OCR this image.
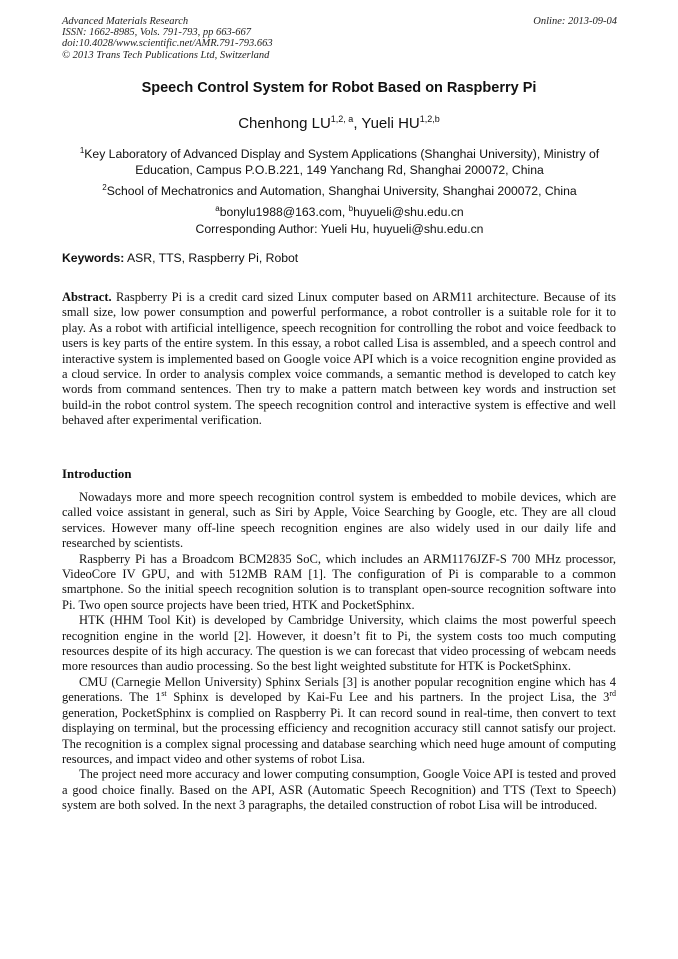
Advanced Materials Research
ISSN: 1662-8985, Vols. 791-793, pp 663-667
doi:10.4028/www.scientific.net/AMR.791-793.663
© 2013 Trans Tech Publications Ltd, Switzerland
Online: 2013-09-04
Speech Control System for Robot Based on Raspberry Pi
Chenhong LU$^{1,2, a}$, Yueli HU$^{1,2,b}$
$^1$Key Laboratory of Advanced Display and System Applications (Shanghai University), Ministry of Education, Campus P.O.B.221, 149 Yanchang Rd, Shanghai 200072, China
$^2$School of Mechatronics and Automation, Shanghai University, Shanghai 200072, China
$^a$bonylu1988@163.com, $^b$huyueli@shu.edu.cn
Corresponding Author: Yueli Hu, huyueli@shu.edu.cn
Keywords: ASR, TTS, Raspberry Pi, Robot
Abstract. Raspberry Pi is a credit card sized Linux computer based on ARM11 architecture. Because of its small size, low power consumption and powerful performance, a robot controller is a suitable role for it to play. As a robot with artificial intelligence, speech recognition for controlling the robot and voice feedback to users is key parts of the entire system. In this essay, a robot called Lisa is assembled, and a speech control and interactive system is implemented based on Google voice API which is a voice recognition engine provided as a cloud service. In order to analysis complex voice commands, a semantic method is developed to catch key words from command sentences. Then try to make a pattern match between key words and instruction set build-in the robot control system. The speech recognition control and interactive system is effective and well behaved after experimental verification.
Introduction

Nowadays more and more speech recognition control system is embedded to mobile devices, which are called voice assistant in general, such as Siri by Apple, Voice Searching by Google, etc. They are all cloud services. However many off-line speech recognition engines are also widely used in our daily life and researched by scientists.

Raspberry Pi has a Broadcom BCM2835 SoC, which includes an ARM1176JZF-S 700 MHz processor, VideoCore IV GPU, and with 512MB RAM [1]. The configuration of Pi is comparable to a common smartphone. So the initial speech recognition solution is to transplant open-source recognition software into Pi. Two open source projects have been tried, HTK and PocketSphinx.

HTK (HHM Tool Kit) is developed by Cambridge University, which claims the most powerful speech recognition engine in the world [2]. However, it doesn’t fit to Pi, the system costs too much computing resources despite of its high accuracy. The question is we can forecast that video processing of webcam needs more resources than audio processing. So the best light weighted substitute for HTK is PocketSphinx.

CMU (Carnegie Mellon University) Sphinx Serials [3] is another popular recognition engine which has 4 generations. The 1st Sphinx is developed by Kai-Fu Lee and his partners. In the project Lisa, the 3rd generation, PocketSphinx is complied on Raspberry Pi. It can record sound in real-time, then convert to text displaying on terminal, but the processing efficiency and recognition accuracy still cannot satisfy our project. The recognition is a complex signal processing and database searching which need huge amount of computing resources, and impact video and other systems of robot Lisa.

The project need more accuracy and lower computing consumption, Google Voice API is tested and proved a good choice finally. Based on the API, ASR (Automatic Speech Recognition) and TTS (Text to Speech) system are both solved. In the next 3 paragraphs, the detailed construction of robot Lisa will be introduced.
